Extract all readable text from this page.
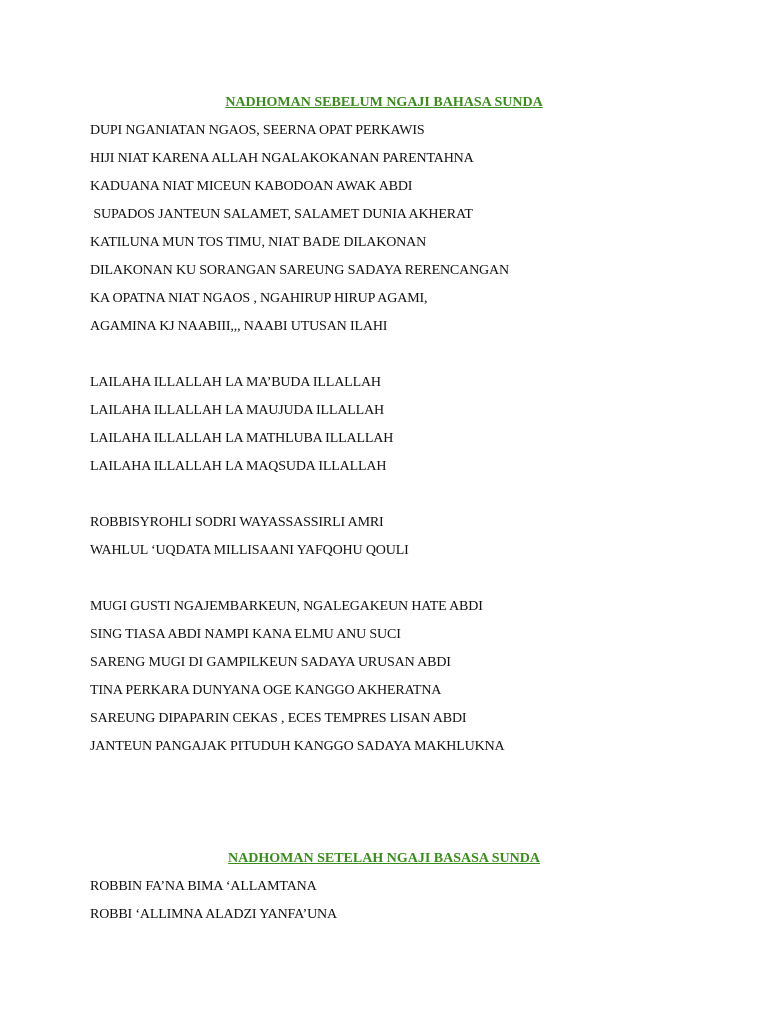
NADHOMAN SEBELUM NGAJI BAHASA SUNDA
DUPI NGANIATAN NGAOS, SEERNA OPAT PERKAWIS
HIJI NIAT KARENA ALLAH NGALAKOKANAN PARENTAHNA
KADUANA NIAT MICEUN KABODOAN AWAK ABDI
SUPADOS JANTEUN SALAMET, SALAMET DUNIA AKHERAT
KATILUNA MUN TOS TIMU, NIAT BADE DILAKONAN
DILAKONAN KU SORANGAN SAREUNG SADAYA RERENCANGAN
KA OPATNA NIAT NGAOS , NGAHIRUP HIRUP AGAMI,
AGAMINA KJ NAABIII,,, NAABI UTUSAN ILAHI
LAILAHA ILLALLAH LA MA’BUDA ILLALLAH
LAILAHA ILLALLAH LA MAUJUDA ILLALLAH
LAILAHA ILLALLAH LA MATHLUBA ILLALLAH
LAILAHA ILLALLAH LA MAQSUDA ILLALLAH
ROBBISYROHLI SODRI WAYASSASSIRLI AMRI
WAHLUL ‘UQDATA MILLISAANI YAFQOHU QOULI
MUGI GUSTI NGAJEMBARKEUN, NGALEGAKEUN HATE ABDI
SING TIASA ABDI NAMPI KANA ELMU ANU SUCI
SARENG MUGI DI GAMPILKEUN SADAYA URUSAN ABDI
TINA PERKARA DUNYANA OGE KANGGO AKHERATNA
SAREUNG DIPAPARIN CEKAS , ECES TEMPRES LISAN ABDI
JANTEUN PANGAJAK PITUDUH KANGGO SADAYA MAKHLUKNA
NADHOMAN SETELAH NGAJI BASASA SUNDA
ROBBIN FA’NA BIMA ‘ALLAMTANA
ROBBI ‘ALLIMNA ALADZI YANFA’UNA
